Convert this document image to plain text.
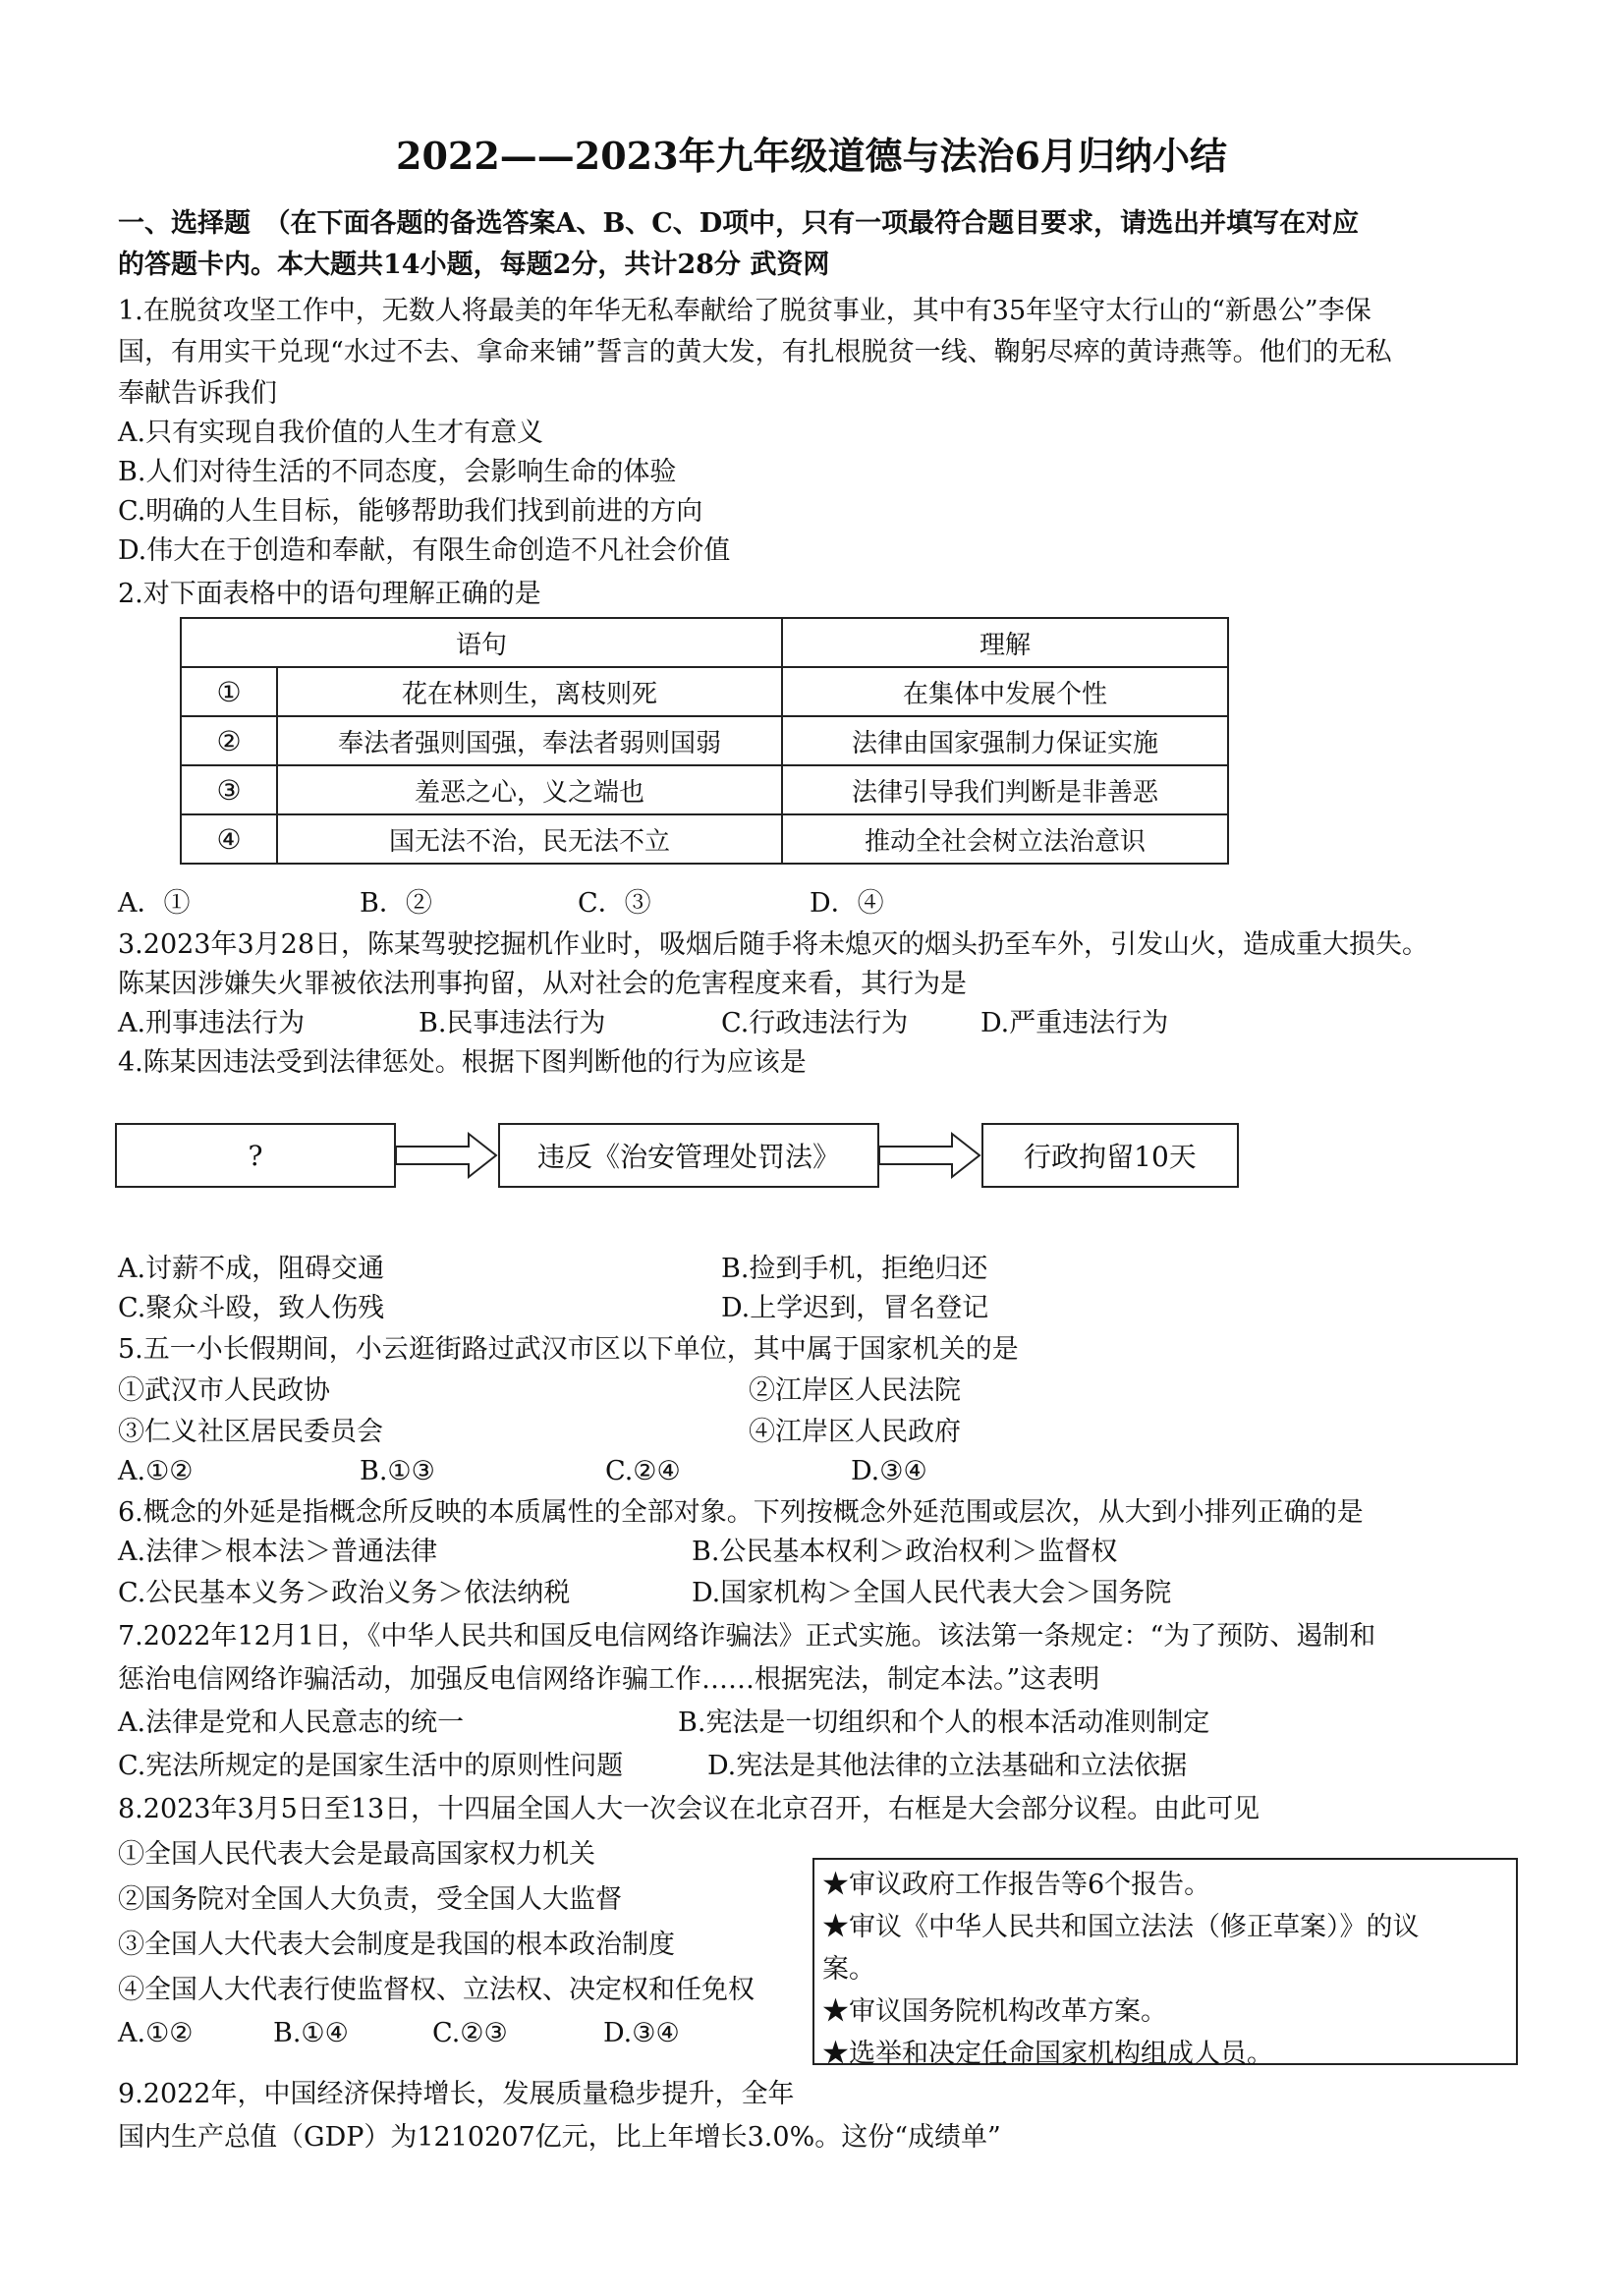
2022——2023年九年级道德与法治6月归纳小结
一、选择题　（在下面各题的备选答案A、B、C、D项中，只有一项最符合题目要求，请选出并填写在对应
的答题卡内。本大题共14小题，每题2分，共计28分 武资网
1.在脱贫攻坚工作中，无数人将最美的年华无私奉献给了脱贫事业，其中有35年坚守太行山的“新愚公”李保
国，有用实干兑现“水过不去、拿命来铺”誓言的黄大发，有扎根脱贫一线、鞠躬尽瘁的黄诗燕等。他们的无私
奉献告诉我们
A.只有实现自我价值的人生才有意义
B.人们对待生活的不同态度，会影响生命的体验
C.明确的人生目标，能够帮助我们找到前进的方向
D.伟大在于创造和奉献，有限生命创造不凡社会价值
2.对下面表格中的语句理解正确的是
语句		理解
①	花在林则生，离枝则死	在集体中发展个性
②	奉法者强则国强，奉法者弱则国弱	法律由国家强制力保证实施
③	羞恶之心，义之端也	法律引导我们判断是非善恶
④	国无法不治，民无法不立	推动全社会树立法治意识
A．①	B．②	C．③	D．④
3.2023年3月28日，陈某驾驶挖掘机作业时，吸烟后随手将未熄灭的烟头扔至车外，引发山火，造成重大损失。
陈某因涉嫌失火罪被依法刑事拘留，从对社会的危害程度来看，其行为是
A.刑事违法行为	B.民事违法行为	C.行政违法行为	D.严重违法行为
4.陈某因违法受到法律惩处。根据下图判断他的行为应该是
?	违反《治安管理处罚法》	行政拘留10天
A.讨薪不成，阻碍交通	B.捡到手机，拒绝归还
C.聚众斗殴，致人伤残	D.上学迟到，冒名登记
5.五一小长假期间，小云逛街路过武汉市区以下单位，其中属于国家机关的是
①武汉市人民政协	②江岸区人民法院
③仁义社区居民委员会	④江岸区人民政府
A.①②	B.①③	C.②④	D.③④
6.概念的外延是指概念所反映的本质属性的全部对象。下列按概念外延范围或层次，从大到小排列正确的是
A.法律＞根本法＞普通法律	B.公民基本权利＞政治权利＞监督权
C.公民基本义务＞政治义务＞依法纳税	D.国家机构＞全国人民代表大会＞国务院
7.2022年12月1日，《中华人民共和国反电信网络诈骗法》正式实施。该法第一条规定：“为了预防、遏制和
惩治电信网络诈骗活动，加强反电信网络诈骗工作……根据宪法，制定本法。”这表明
A.法律是党和人民意志的统一	B.宪法是一切组织和个人的根本活动准则制定
C.宪法所规定的是国家生活中的原则性问题	D.宪法是其他法律的立法基础和立法依据
8.2023年3月5日至13日，十四届全国人大一次会议在北京召开，右框是大会部分议程。由此可见
①全国人民代表大会是最高国家权力机关
②国务院对全国人大负责，受全国人大监督
③全国人大代表大会制度是我国的根本政治制度
④全国人大代表行使监督权、立法权、决定权和任免权
A.①②	B.①④	C.②③	D.③④
★审议政府工作报告等6个报告。
★审议《中华人民共和国立法法（修正草案）》的议
案。
★审议国务院机构改革方案。
★选举和决定任命国家机构组成人员。
9.2022年，中国经济保持增长，发展质量稳步提升，全年
国内生产总值（GDP）为1210207亿元，比上年增长3.0%。这份“成绩单”
